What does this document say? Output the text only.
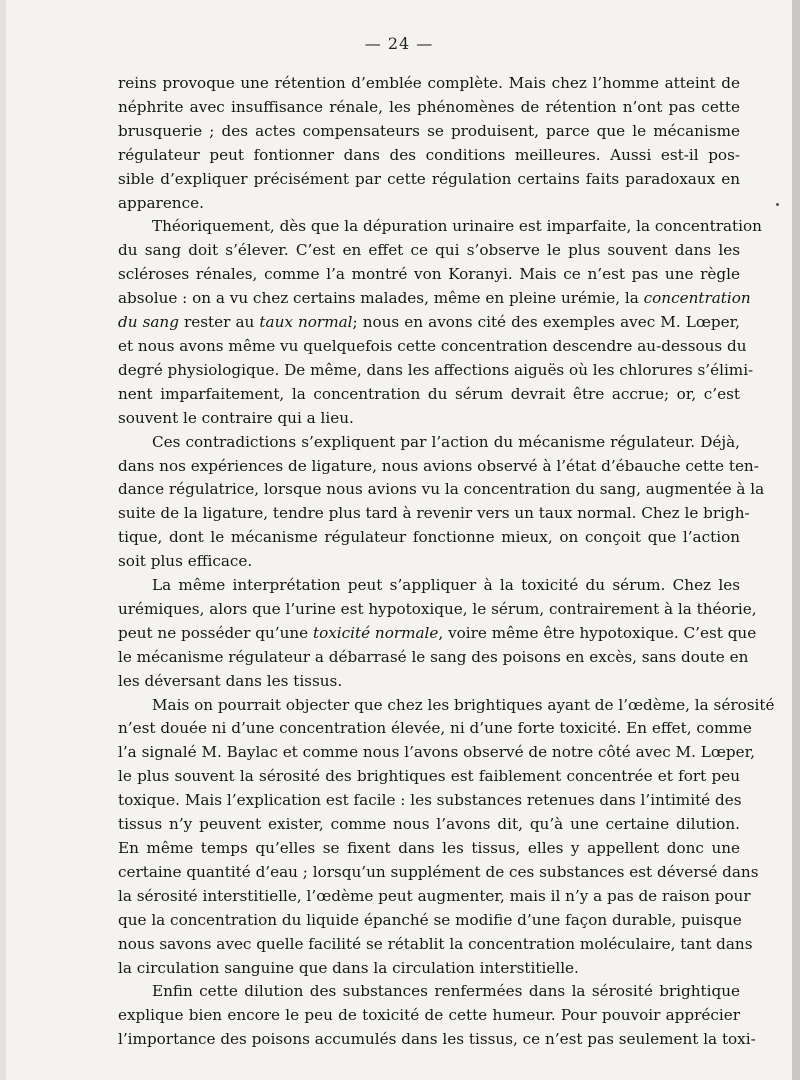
— 24 —
reins provoque une rétention d’emblée complète. Mais chez l’homme atteint de
néphrite avec insuffisance rénale, les phénomènes de rétention n’ont pas cette
brusquerie ; des actes compensateurs se produisent, parce que le mécanisme
régulateur peut fontionner dans des conditions meilleures. Aussi est-il pos-
sible d’expliquer précisément par cette régulation certains faits paradoxaux en
apparence.
Théoriquement, dès que la dépuration urinaire est imparfaite, la concentration
du sang doit s’élever. C’est en effet ce qui s’observe le plus souvent dans les
scléroses rénales, comme l’a montré von Koranyi. Mais ce n’est pas une règle
absolue : on a vu chez certains malades, même en pleine urémie, la concentration
du sang rester au taux normal; nous en avons cité des exemples avec M. Lœper,
et nous avons même vu quelquefois cette concentration descendre au-dessous du
degré physiologique. De même, dans les affections aiguës où les chlorures s’élimi-
nent imparfaitement, la concentration du sérum devrait être accrue; or, c’est
souvent le contraire qui a lieu.
Ces contradictions s’expliquent par l’action du mécanisme régulateur. Déjà,
dans nos expériences de ligature, nous avions observé à l’état d’ébauche cette ten-
dance régulatrice, lorsque nous avions vu la concentration du sang, augmentée à la
suite de la ligature, tendre plus tard à revenir vers un taux normal. Chez le brigh-
tique, dont le mécanisme régulateur fonctionne mieux, on conçoit que l’action
soit plus efficace.
La même interprétation peut s’appliquer à la toxicité du sérum. Chez les
urémiques, alors que l’urine est hypotoxique, le sérum, contrairement à la théorie,
peut ne posséder qu’une toxicité normale, voire même être hypotoxique. C’est que
le mécanisme régulateur a débarrasé le sang des poisons en excès, sans doute en
les déversant dans les tissus.
Mais on pourrait objecter que chez les brightiques ayant de l’œdème, la sérosité
n’est douée ni d’une concentration élevée, ni d’une forte toxicité. En effet, comme
l’a signalé M. Baylac et comme nous l’avons observé de notre côté avec M. Lœper,
le plus souvent la sérosité des brightiques est faiblement concentrée et fort peu
toxique. Mais l’explication est facile : les substances retenues dans l’intimité des
tissus n’y peuvent exister, comme nous l’avons dit, qu’à une certaine dilution.
En même temps qu’elles se fixent dans les tissus, elles y appellent donc une
certaine quantité d’eau ; lorsqu’un supplément de ces substances est déversé dans
la sérosité interstitielle, l’œdème peut augmenter, mais il n’y a pas de raison pour
que la concentration du liquide épanché se modifie d’une façon durable, puisque
nous savons avec quelle facilité se rétablit la concentration moléculaire, tant dans
la circulation sanguine que dans la circulation interstitielle.
Enfin cette dilution des substances renfermées dans la sérosité brightique
explique bien encore le peu de toxicité de cette humeur. Pour pouvoir apprécier
l’importance des poisons accumulés dans les tissus, ce n’est pas seulement la toxi-
